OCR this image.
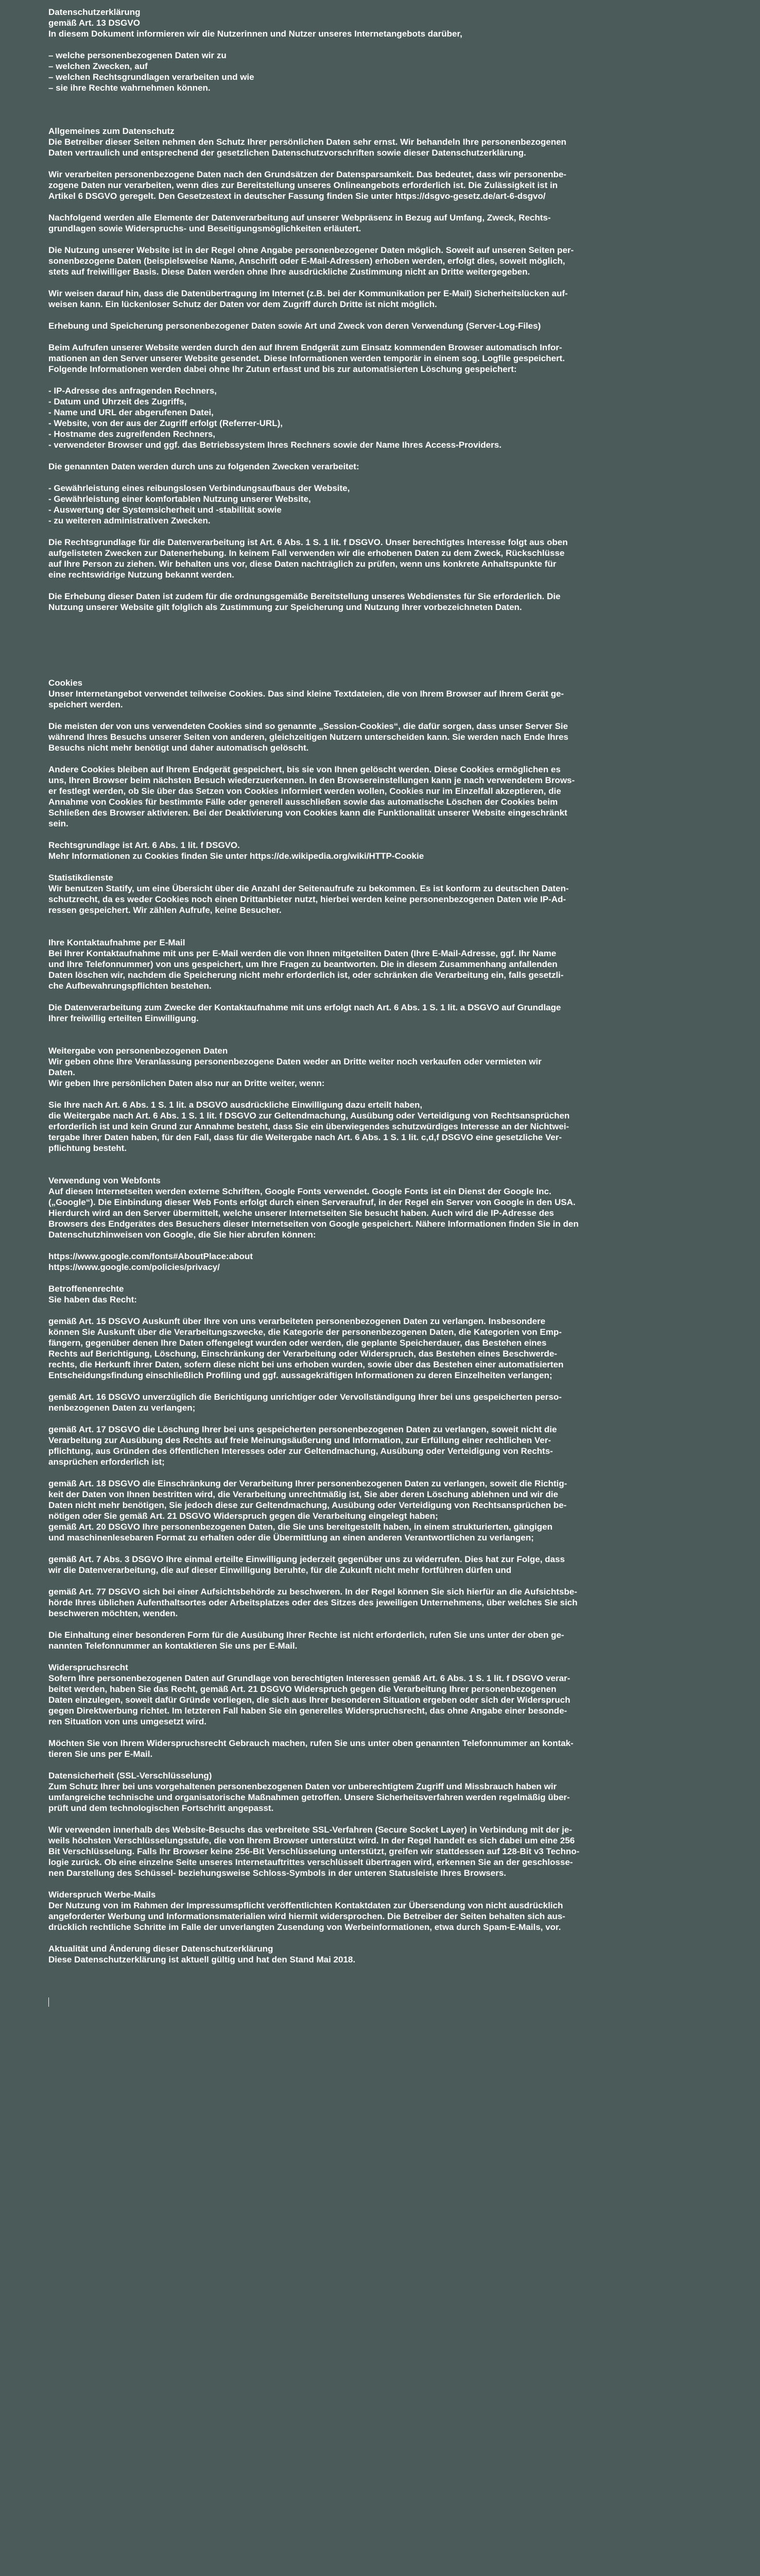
Datenschutzerklärung
gemäß Art. 13 DSGVO
In diesem Dokument informieren wir die Nutzerinnen und Nutzer unseres Internetangebots darüber,
– welche personenbezogenen Daten wir zu
– welchen Zwecken, auf
– welchen Rechtsgrundlagen verarbeiten und wie
– sie ihre Rechte wahrnehmen können.
Allgemeines zum Datenschutz
Die Betreiber dieser Seiten nehmen den Schutz Ihrer persönlichen Daten sehr ernst. Wir behandeln Ihre personenbezogenen
Daten vertraulich und entsprechend der gesetzlichen Datenschutzvorschriften sowie dieser Datenschutzerklärung.
Wir verarbeiten personenbezogene Daten nach den Grundsätzen der Datensparsamkeit. Das bedeutet, dass wir personenbe-
zogene Daten nur verarbeiten, wenn dies zur Bereitstellung unseres Onlineangebots erforderlich ist. Die Zulässigkeit ist in
Artikel 6 DSGVO geregelt. Den Gesetzestext in deutscher Fassung finden Sie unter https://dsgvo-gesetz.de/art-6-dsgvo/
Nachfolgend werden alle Elemente der Datenverarbeitung auf unserer Webpräsenz in Bezug auf Umfang, Zweck, Rechts-
grundlagen sowie Widerspruchs- und Beseitigungsmöglichkeiten erläutert.
Die Nutzung unserer Website ist in der Regel ohne Angabe personenbezogener Daten möglich. Soweit auf unseren Seiten per-
sonenbezogene Daten (beispielsweise Name, Anschrift oder E-Mail-Adressen) erhoben werden, erfolgt dies, soweit möglich,
stets auf freiwilliger Basis. Diese Daten werden ohne Ihre ausdrückliche Zustimmung nicht an Dritte weitergegeben.
Wir weisen darauf hin, dass die Datenübertragung im Internet (z.B. bei der Kommunikation per E-Mail) Sicherheitslücken auf-
weisen kann. Ein lückenloser Schutz der Daten vor dem Zugriff durch Dritte ist nicht möglich.
Erhebung und Speicherung personenbezogener Daten sowie Art und Zweck von deren Verwendung (Server-Log-Files)
Beim Aufrufen unserer Website werden durch den auf Ihrem Endgerät zum Einsatz kommenden Browser automatisch Infor-
mationen an den Server unserer Website gesendet. Diese Informationen werden temporär in einem sog. Logfile gespeichert.
Folgende Informationen werden dabei ohne Ihr Zutun erfasst und bis zur automatisierten Löschung gespeichert:
- IP-Adresse des anfragenden Rechners,
- Datum und Uhrzeit des Zugriffs,
- Name und URL der abgerufenen Datei,
- Website, von der aus der Zugriff erfolgt (Referrer-URL),
- Hostname des zugreifenden Rechners,
- verwendeter Browser und ggf. das Betriebssystem Ihres Rechners sowie der Name Ihres Access-Providers.
Die genannten Daten werden durch uns zu folgenden Zwecken verarbeitet:
- Gewährleistung eines reibungslosen Verbindungsaufbaus der Website,
- Gewährleistung einer komfortablen Nutzung unserer Website,
- Auswertung der Systemsicherheit und -stabilität sowie
- zu weiteren administrativen Zwecken.
Die Rechtsgrundlage für die Datenverarbeitung ist Art. 6 Abs. 1 S. 1 lit. f DSGVO. Unser berechtigtes Interesse folgt aus oben
aufgelisteten Zwecken zur Datenerhebung. In keinem Fall verwenden wir die erhobenen Daten zu dem Zweck, Rückschlüsse
auf Ihre Person zu ziehen. Wir behalten uns vor, diese Daten nachträglich zu prüfen, wenn uns konkrete Anhaltspunkte für
eine rechtswidrige Nutzung bekannt werden.
Die Erhebung dieser Daten ist zudem für die ordnungsgemäße Bereitstellung unseres Webdienstes für Sie erforderlich. Die
Nutzung unserer Website gilt folglich als Zustimmung zur Speicherung und Nutzung Ihrer vorbezeichneten Daten.
Cookies
Unser Internetangebot verwendet teilweise Cookies. Das sind kleine Textdateien, die von Ihrem Browser auf Ihrem Gerät ge-
speichert werden.
Die meisten der von uns verwendeten Cookies sind so genannte „Session-Cookies“, die dafür sorgen, dass unser Server Sie
während Ihres Besuchs unserer Seiten von anderen, gleichzeitigen Nutzern unterscheiden kann. Sie werden nach Ende Ihres
Besuchs nicht mehr benötigt und daher automatisch gelöscht.
Andere Cookies bleiben auf Ihrem Endgerät gespeichert, bis sie von Ihnen gelöscht werden. Diese Cookies ermöglichen es
uns, Ihren Browser beim nächsten Besuch wiederzuerkennen. In den Browsereinstellungen kann je nach verwendetem Brows-
er festlegt werden, ob Sie über das Setzen von Cookies informiert werden wollen, Cookies nur im Einzelfall akzeptieren, die
Annahme von Cookies für bestimmte Fälle oder generell ausschließen sowie das automatische Löschen der Cookies beim
Schließen des Browser aktivieren. Bei der Deaktivierung von Cookies kann die Funktionalität unserer Website eingeschränkt
sein.
Rechtsgrundlage ist Art. 6 Abs. 1 lit. f DSGVO.
Mehr Informationen zu Cookies finden Sie unter https://de.wikipedia.org/wiki/HTTP-Cookie
Statistikdienste
Wir benutzen Statify, um eine Übersicht über die Anzahl der Seitenaufrufe zu bekommen. Es ist konform zu deutschen Daten-
schutzrecht, da es weder Cookies noch einen Drittanbieter nutzt, hierbei werden keine personenbezogenen Daten wie IP-Ad-
ressen gespeichert. Wir zählen Aufrufe, keine Besucher.
Ihre Kontaktaufnahme per E-Mail
Bei Ihrer Kontaktaufnahme mit uns per E-Mail werden die von Ihnen mitgeteilten Daten (Ihre E-Mail-Adresse, ggf. Ihr Name
und Ihre Telefonnummer) von uns gespeichert, um Ihre Fragen zu beantworten. Die in diesem Zusammenhang anfallenden
Daten löschen wir, nachdem die Speicherung nicht mehr erforderlich ist, oder schränken die Verarbeitung ein, falls gesetzli-
che Aufbewahrungspflichten bestehen.
Die Datenverarbeitung zum Zwecke der Kontaktaufnahme mit uns erfolgt nach Art. 6 Abs. 1 S. 1 lit. a DSGVO auf Grundlage
Ihrer freiwillig erteilten Einwilligung.
Weitergabe von personenbezogenen Daten
Wir geben ohne Ihre Veranlassung personenbezogene Daten weder an Dritte weiter noch verkaufen oder vermieten wir
Daten.
Wir geben Ihre persönlichen Daten also nur an Dritte weiter, wenn:
Sie Ihre nach Art. 6 Abs. 1 S. 1 lit. a DSGVO ausdrückliche Einwilligung dazu erteilt haben,
die Weitergabe nach Art. 6 Abs. 1 S. 1 lit. f DSGVO zur Geltendmachung, Ausübung oder Verteidigung von Rechtsansprüchen
erforderlich ist und kein Grund zur Annahme besteht, dass Sie ein überwiegendes schutzwürdiges Interesse an der Nichtwei-
tergabe Ihrer Daten haben, für den Fall, dass für die Weitergabe nach Art. 6 Abs. 1 S. 1 lit. c,d,f DSGVO eine gesetzliche Ver-
pflichtung besteht.
Verwendung von Webfonts
Auf diesen Internetseiten werden externe Schriften, Google Fonts verwendet. Google Fonts ist ein Dienst der Google Inc.
(„Google“). Die Einbindung dieser Web Fonts erfolgt durch einen Serveraufruf, in der Regel ein Server von Google in den USA.
Hierdurch wird an den Server übermittelt, welche unserer Internetseiten Sie besucht haben. Auch wird die IP-Adresse des
Browsers des Endgerätes des Besuchers dieser Internetseiten von Google gespeichert. Nähere Informationen finden Sie in den
Datenschutzhinweisen von Google, die Sie hier abrufen können:
https://www.google.com/fonts#AboutPlace:about
https://www.google.com/policies/privacy/
Betroffenenrechte
Sie haben das Recht:
gemäß Art. 15 DSGVO Auskunft über Ihre von uns verarbeiteten personenbezogenen Daten zu verlangen. Insbesondere
können Sie Auskunft über die Verarbeitungszwecke, die Kategorie der personenbezogenen Daten, die Kategorien von Emp-
fängern, gegenüber denen Ihre Daten offengelegt wurden oder werden, die geplante Speicherdauer, das Bestehen eines
Rechts auf Berichtigung, Löschung, Einschränkung der Verarbeitung oder Widerspruch, das Bestehen eines Beschwerde-
rechts, die Herkunft ihrer Daten, sofern diese nicht bei uns erhoben wurden, sowie über das Bestehen einer automatisierten
Entscheidungsfindung einschließlich Profiling und ggf. aussagekräftigen Informationen zu deren Einzelheiten verlangen;
gemäß Art. 16 DSGVO unverzüglich die Berichtigung unrichtiger oder Vervollständigung Ihrer bei uns gespeicherten perso-
nenbezogenen Daten zu verlangen;
gemäß Art. 17 DSGVO die Löschung Ihrer bei uns gespeicherten personenbezogenen Daten zu verlangen, soweit nicht die
Verarbeitung zur Ausübung des Rechts auf freie Meinungsäußerung und Information, zur Erfüllung einer rechtlichen Ver-
pflichtung, aus Gründen des öffentlichen Interesses oder zur Geltendmachung, Ausübung oder Verteidigung von Rechts-
ansprüchen erforderlich ist;
gemäß Art. 18 DSGVO die Einschränkung der Verarbeitung Ihrer personenbezogenen Daten zu verlangen, soweit die Richtig-
keit der Daten von Ihnen bestritten wird, die Verarbeitung unrechtmäßig ist, Sie aber deren Löschung ablehnen und wir die
Daten nicht mehr benötigen, Sie jedoch diese zur Geltendmachung, Ausübung oder Verteidigung von Rechtsansprüchen be-
nötigen oder Sie gemäß Art. 21 DSGVO Widerspruch gegen die Verarbeitung eingelegt haben;
gemäß Art. 20 DSGVO Ihre personenbezogenen Daten, die Sie uns bereitgestellt haben, in einem strukturierten, gängigen
und maschinenlesebaren Format zu erhalten oder die Übermittlung an einen anderen Verantwortlichen zu verlangen;
gemäß Art. 7 Abs. 3 DSGVO Ihre einmal erteilte Einwilligung jederzeit gegenüber uns zu widerrufen. Dies hat zur Folge, dass
wir die Datenverarbeitung, die auf dieser Einwilligung beruhte, für die Zukunft nicht mehr fortführen dürfen und
gemäß Art. 77 DSGVO sich bei einer Aufsichtsbehörde zu beschweren. In der Regel können Sie sich hierfür an die Aufsichtsbe-
hörde Ihres üblichen Aufenthaltsortes oder Arbeitsplatzes oder des Sitzes des jeweiligen Unternehmens, über welches Sie sich
beschweren möchten, wenden.
Die Einhaltung einer besonderen Form für die Ausübung Ihrer Rechte ist nicht erforderlich, rufen Sie uns unter der oben ge-
nannten Telefonnummer an kontaktieren Sie uns per E-Mail.
Widerspruchsrecht
Sofern Ihre personenbezogenen Daten auf Grundlage von berechtigten Interessen gemäß Art. 6 Abs. 1 S. 1 lit. f DSGVO verar-
beitet werden, haben Sie das Recht, gemäß Art. 21 DSGVO Widerspruch gegen die Verarbeitung Ihrer personenbezogenen
Daten einzulegen, soweit dafür Gründe vorliegen, die sich aus Ihrer besonderen Situation ergeben oder sich der Widerspruch
gegen Direktwerbung richtet. Im letzteren Fall haben Sie ein generelles Widerspruchsrecht, das ohne Angabe einer besonde-
ren Situation von uns umgesetzt wird.
Möchten Sie von Ihrem Widerspruchsrecht Gebrauch machen, rufen Sie uns unter oben genannten Telefonnummer an kontak-
tieren Sie uns per E-Mail.
Datensicherheit (SSL-Verschlüsselung)
Zum Schutz Ihrer bei uns vorgehaltenen personenbezogenen Daten vor unberechtigtem Zugriff und Missbrauch haben wir
umfangreiche technische und organisatorische Maßnahmen getroffen. Unsere Sicherheitsverfahren werden regelmäßig über-
prüft und dem technologischen Fortschritt angepasst.
Wir verwenden innerhalb des Website-Besuchs das verbreitete SSL-Verfahren (Secure Socket Layer) in Verbindung mit der je-
weils höchsten Verschlüsselungsstufe, die von Ihrem Browser unterstützt wird. In der Regel handelt es sich dabei um eine 256
Bit Verschlüsselung. Falls Ihr Browser keine 256-Bit Verschlüsselung unterstützt, greifen wir stattdessen auf 128-Bit v3 Techno-
logie zurück. Ob eine einzelne Seite unseres Internetauftrittes verschlüsselt übertragen wird, erkennen Sie an der geschlosse-
nen Darstellung des Schüssel- beziehungsweise Schloss-Symbols in der unteren Statusleiste Ihres Browsers.
Widerspruch Werbe-Mails
Der Nutzung von im Rahmen der Impressumspflicht veröffentlichten Kontaktdaten zur Übersendung von nicht ausdrücklich
angeforderter Werbung und Informationsmaterialien wird hiermit widersprochen. Die Betreiber der Seiten behalten sich aus-
drücklich rechtliche Schritte im Falle der unverlangten Zusendung von Werbeinformationen, etwa durch Spam-E-Mails, vor.
Aktualität und Änderung dieser Datenschutzerklärung
Diese Datenschutzerklärung ist aktuell gültig und hat den Stand Mai 2018.
